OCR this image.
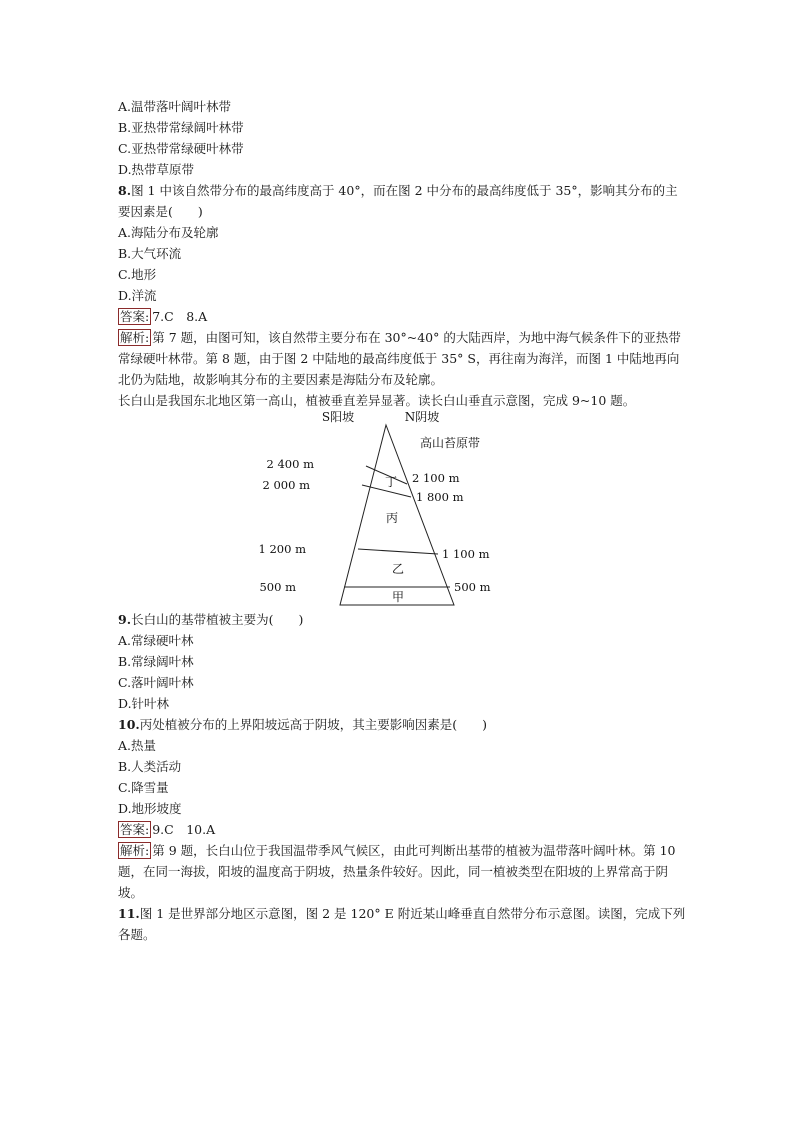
A.温带落叶阔叶林带
B.亚热带常绿阔叶林带
C.亚热带常绿硬叶林带
D.热带草原带
8.图 1 中该自然带分布的最高纬度高于 40°，而在图 2 中分布的最高纬度低于 35°，影响其分布的主要因素是(　　)
A.海陆分布及轮廓
B.大气环流
C.地形
D.洋流
答案: 7.C　8.A
解析: 第 7 题，由图可知，该自然带主要分布在 30°~40° 的大陆西岸，为地中海气候条件下的亚热带常绿硬叶林带。第 8 题，由于图 2 中陆地的最高纬度低于 35° S，再往南为海洋，而图 1 中陆地再向北仍为陆地，故影响其分布的主要因素是海陆分布及轮廓。
长白山是我国东北地区第一高山，植被垂直差异显著。读长白山垂直示意图，完成 9~10 题。
S阳坡	N阴坡
高山苔原带
丁
丙
乙
甲
2 400 m
2 000 m
1 200 m
500 m
2 100 m
1 800 m
1 100 m
500 m
9.长白山的基带植被主要为(　　)
A.常绿硬叶林
B.常绿阔叶林
C.落叶阔叶林
D.针叶林
10.丙处植被分布的上界阳坡远高于阴坡，其主要影响因素是(　　)
A.热量
B.人类活动
C.降雪量
D.地形坡度
答案: 9.C　10.A
解析: 第 9 题，长白山位于我国温带季风气候区，由此可判断出基带的植被为温带落叶阔叶林。第 10 题，在同一海拔，阳坡的温度高于阴坡，热量条件较好。因此，同一植被类型在阳坡的上界常高于阴坡。
11.图 1 是世界部分地区示意图，图 2 是 120° E 附近某山峰垂直自然带分布示意图。读图，完成下列各题。
